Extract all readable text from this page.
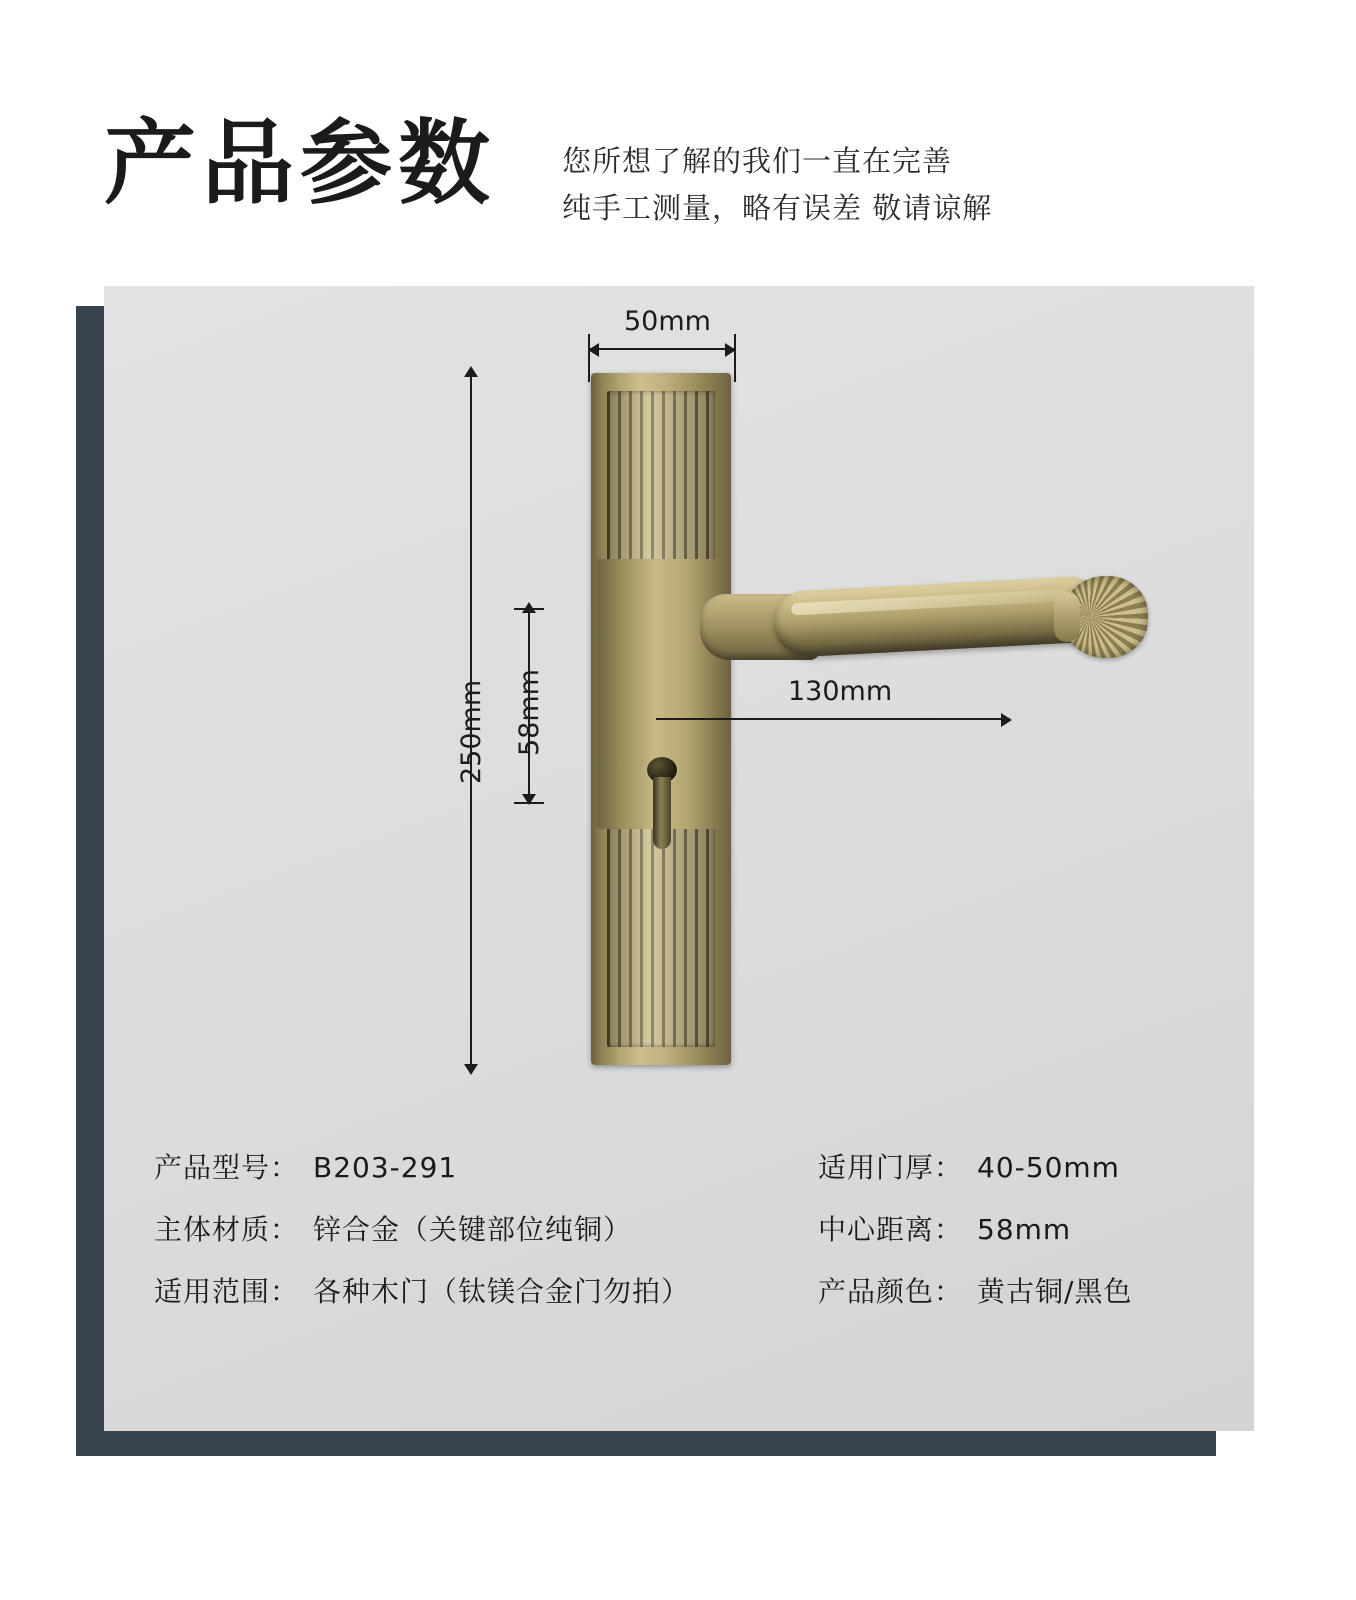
产品参数 您所想了解的我们一直在完善
纯手工测量，略有误差 敬请谅解
50mm
250mm 58mm	130mm
产品型号： B203-291
主体材质： 锌合金（关键部位纯铜）
适用范围： 各种木门（钛镁合金门勿拍）
适用门厚： 40-50mm
中心距离： 58mm
产品颜色： 黄古铜/黑色
